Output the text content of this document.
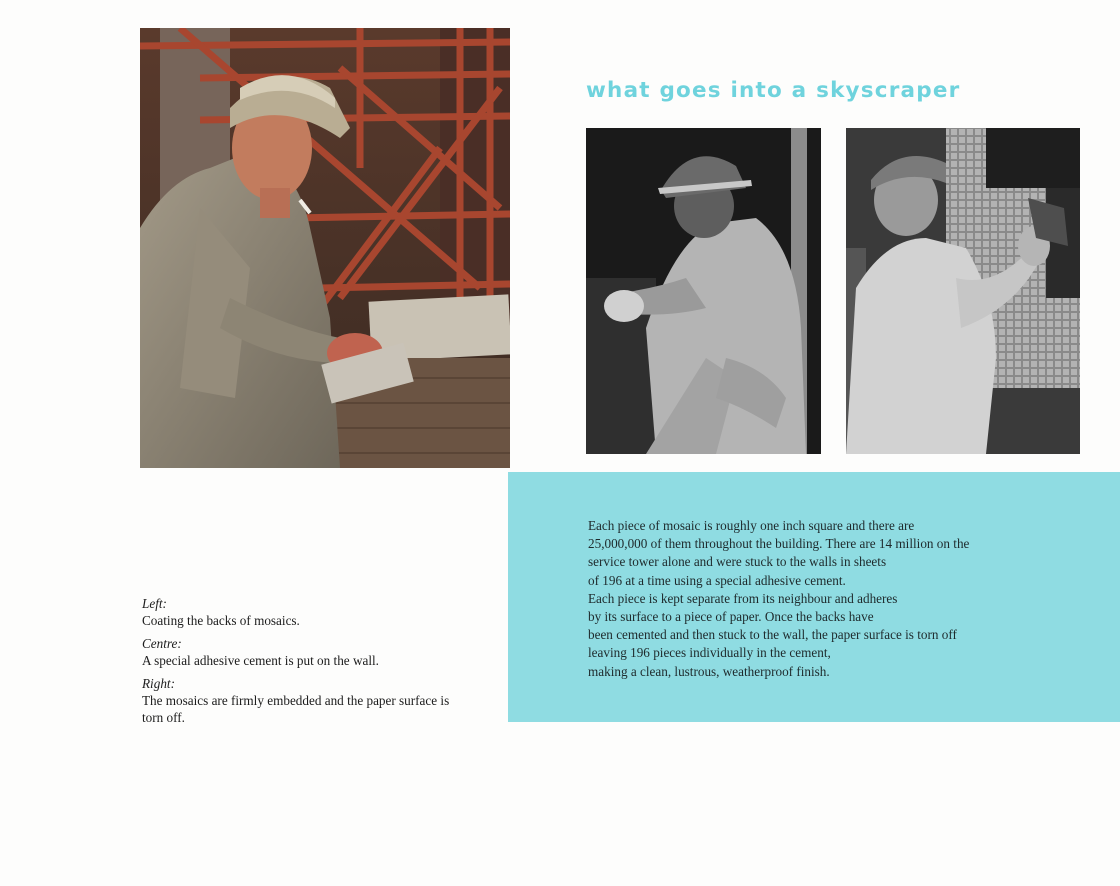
what goes into a skyscraper
Each piece of mosaic is roughly one inch square and there are
25,000,000 of them throughout the building. There are 14 million on the
service tower alone and were stuck to the walls in sheets
of 196 at a time using a special adhesive cement.
Each piece is kept separate from its neighbour and adheres
by its surface to a piece of paper. Once the backs have
been cemented and then stuck to the wall, the paper surface is torn off
leaving 196 pieces individually in the cement,
making a clean, lustrous, weatherproof finish.
Left:
Coating the backs of mosaics.
Centre:
A special adhesive cement is put on the wall.
Right:
The mosaics are firmly embedded and the paper surface is torn off.
